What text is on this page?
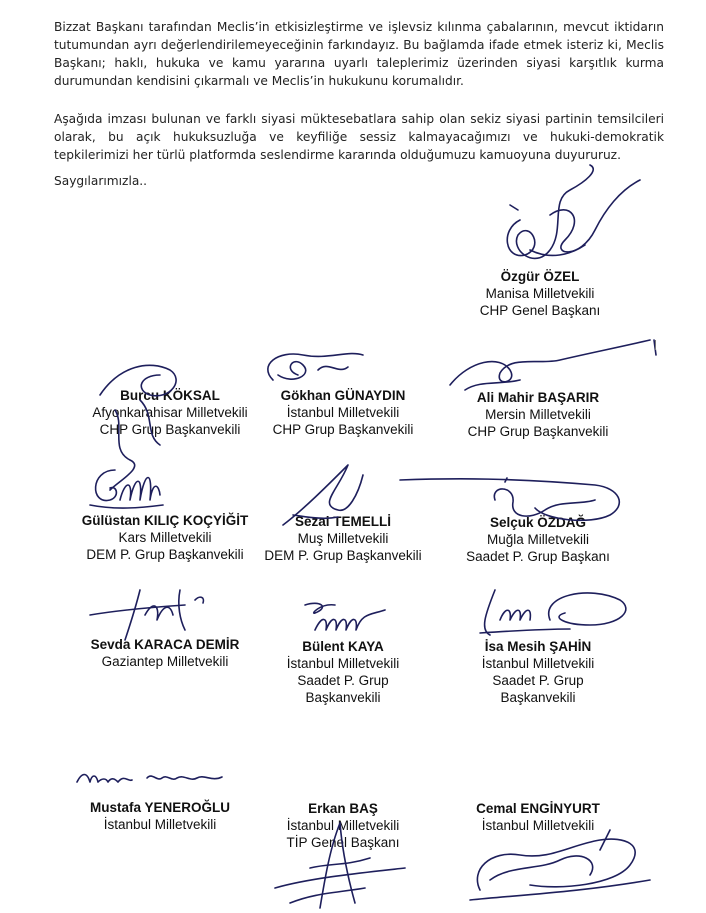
Bizzat Başkanı tarafından Meclis’in etkisizleştirme ve işlevsiz kılınma çabalarının, mevcut iktidarın tutumundan ayrı değerlendirilemeyeceğinin farkındayız. Bu bağlamda ifade etmek isteriz ki, Meclis Başkanı; haklı, hukuka ve kamu yararına uyarlı taleplerimiz üzerinden siyasi karşıtlık kurma durumundan kendisini çıkarmalı ve Meclis’in hukukunu korumalıdır.
Aşağıda imzası bulunan ve farklı siyasi müktesebatlara sahip olan sekiz siyasi partinin temsilcileri olarak, bu açık hukuksuzluğa ve keyfiliğe sessiz kalmayacağımızı ve hukuki-demokratik tepkilerimizi her türlü platformda seslendirme kararında olduğumuzu kamuoyuna duyururuz.
Saygılarımızla..
Özgür ÖZEL
Manisa Milletvekili
CHP Genel Başkanı
Burcu KÖKSAL
Afyonkarahisar Milletvekili
CHP Grup Başkanvekili
Gökhan GÜNAYDIN
İstanbul Milletvekili
CHP Grup Başkanvekili
Ali Mahir BAŞARIR
Mersin Milletvekili
CHP Grup Başkanvekili
Gülüstan KILIÇ KOÇYİĞİT
Kars Milletvekili
DEM P. Grup Başkanvekili
Sezai TEMELLİ
Muş Milletvekili
DEM P. Grup Başkanvekili
Selçuk ÖZDAĞ
Muğla Milletvekili
Saadet P. Grup Başkanı
Sevda KARACA DEMİR
Gaziantep Milletvekili
Bülent KAYA
İstanbul Milletvekili
Saadet P. Grup
Başkanvekili
İsa Mesih ŞAHİN
İstanbul Milletvekili
Saadet P. Grup
Başkanvekili
Mustafa YENEROĞLU
İstanbul Milletvekili
Erkan BAŞ
İstanbul Milletvekili
TİP Genel Başkanı
Cemal ENGİNYURT
İstanbul Milletvekili
